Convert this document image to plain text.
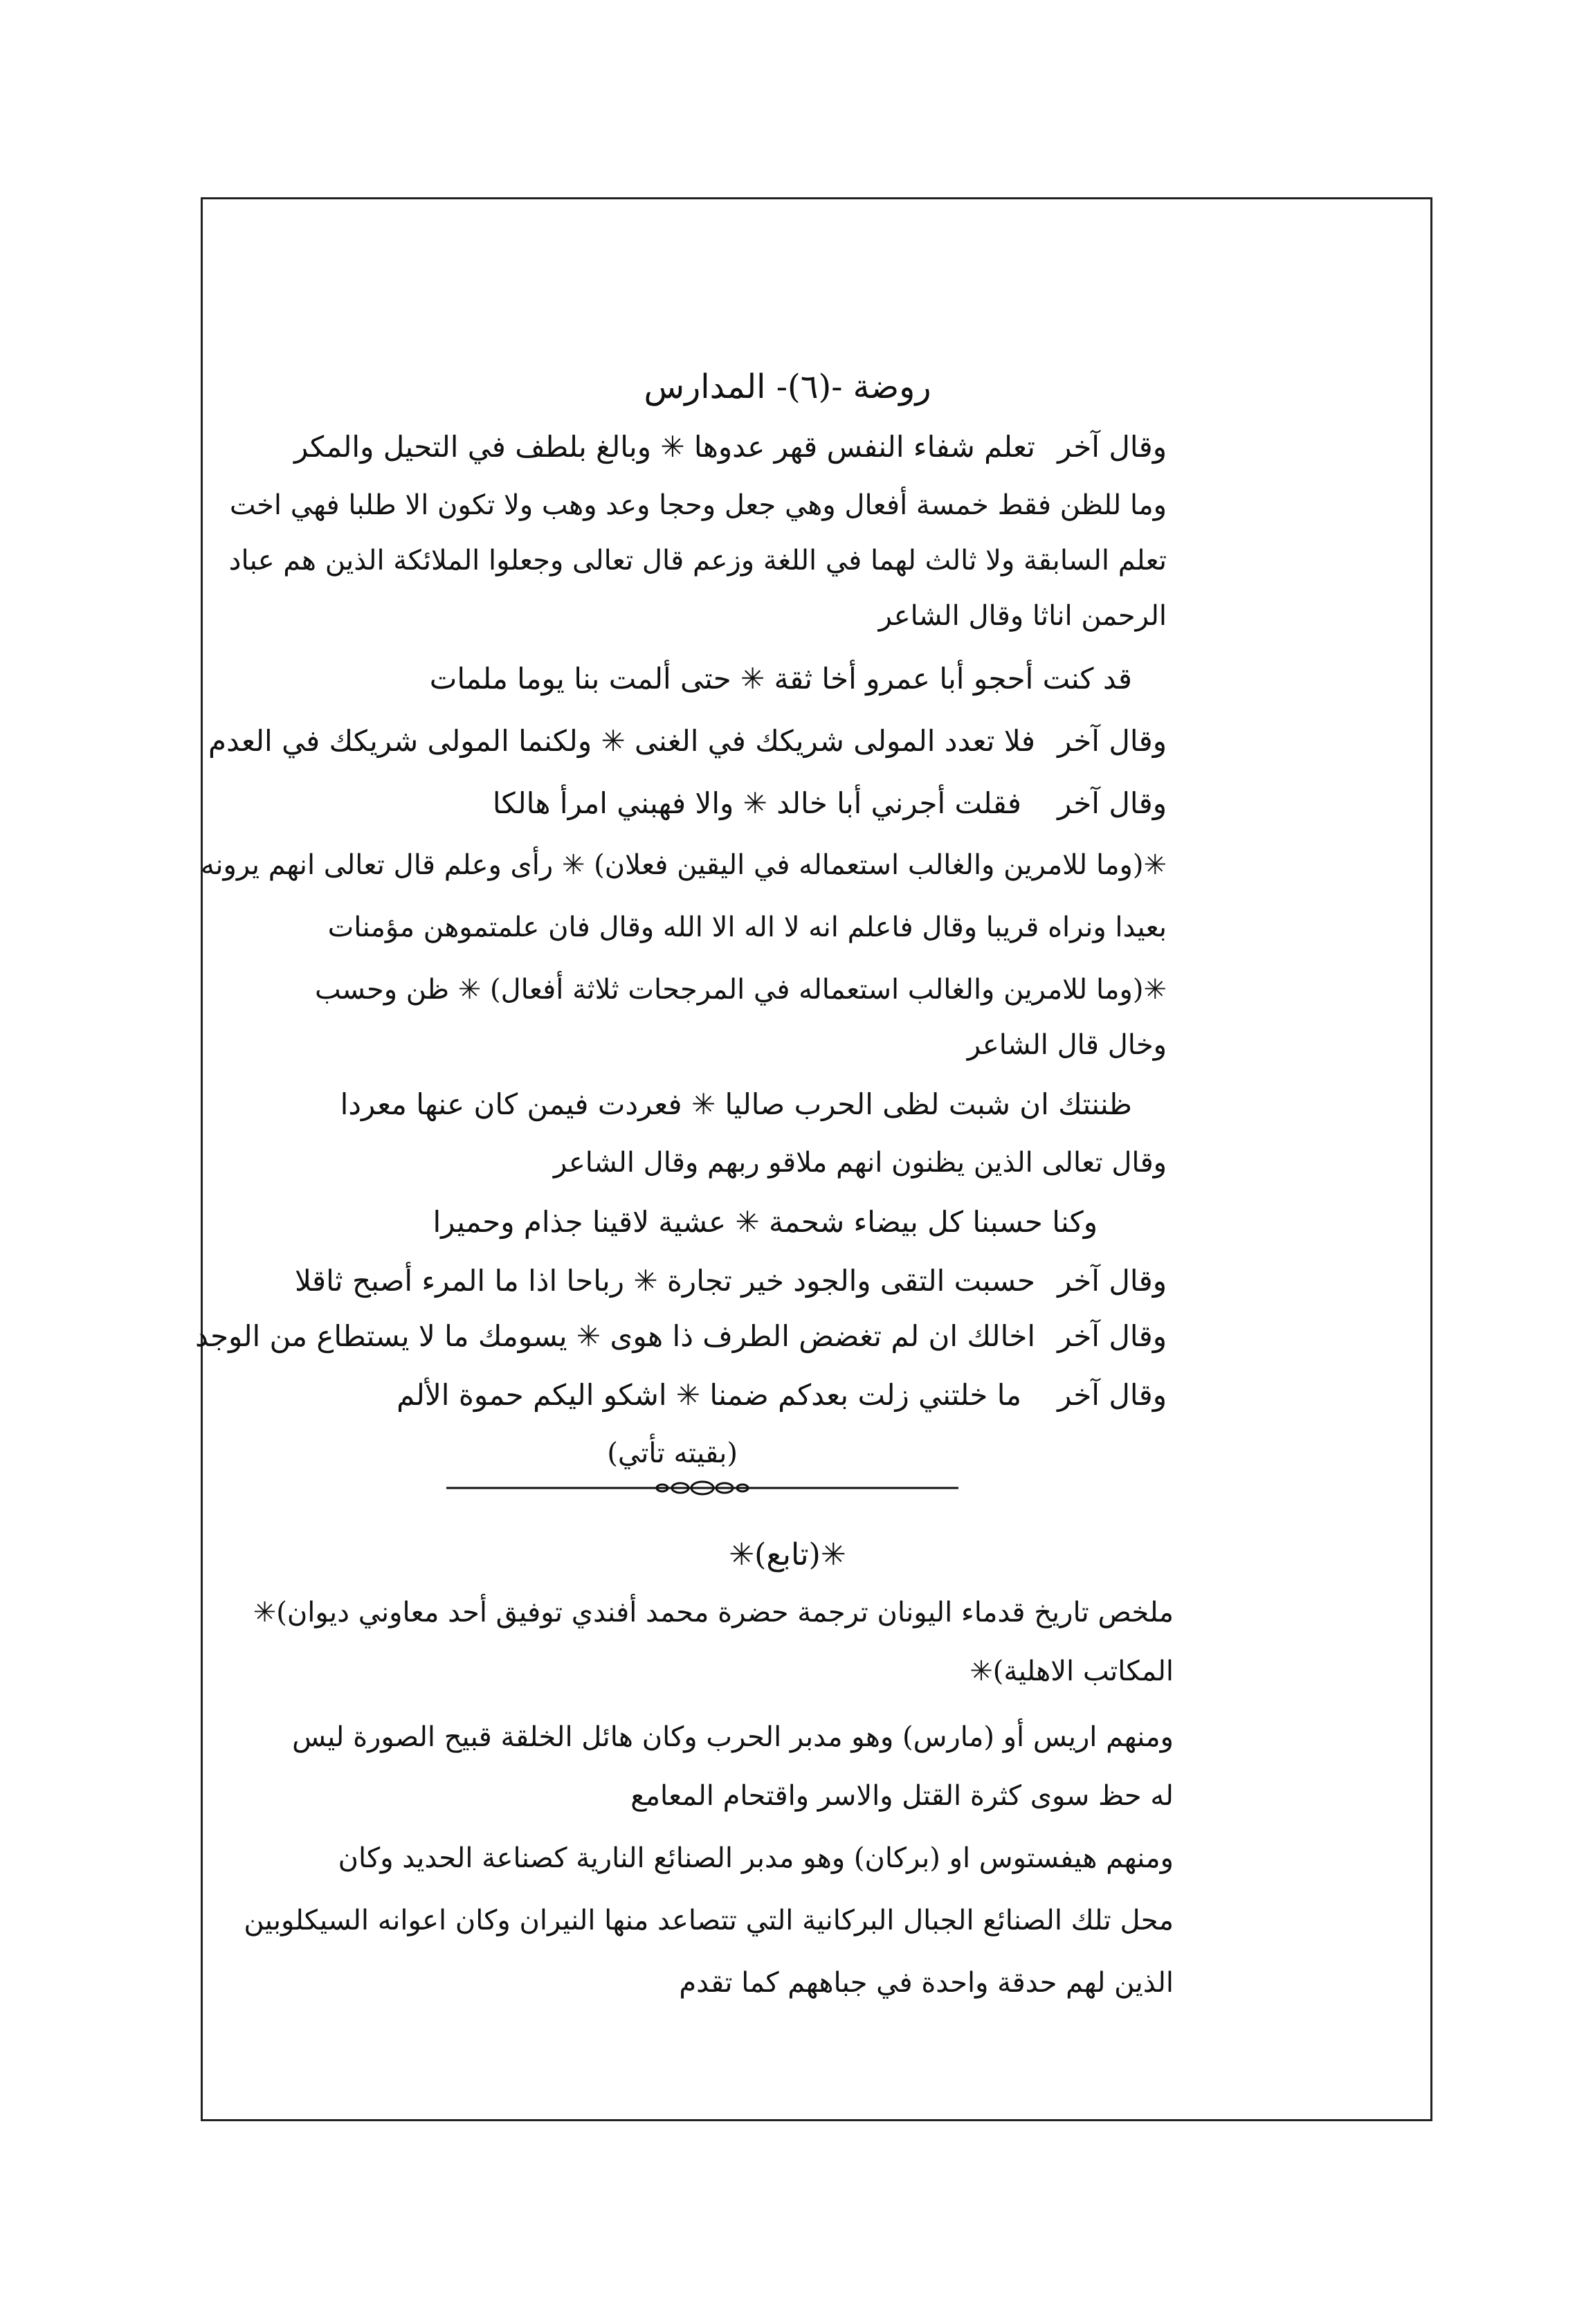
روضة -(٦)- المدارس
وقال آخر
تعلم شفاء النفس قهر عدوها ✳ وبالغ بلطف في التحيل والمكر
وما للظن فقط خمسة أفعال وهي جعل وحجا وعد وهب ولا تكون الا طلبا فهي اخت
تعلم السابقة ولا ثالث لهما في اللغة وزعم قال تعالى وجعلوا الملائكة الذين هم عباد
الرحمن اناثا وقال الشاعر
قد كنت أحجو أبا عمرو أخا ثقة ✳ حتى ألمت بنا يوما ملمات
وقال آخر
فلا تعدد المولى شريكك في الغنى ✳ ولكنما المولى شريكك في العدم
وقال آخر
فقلت أجرني أبا خالد ✳ والا فهبني امرأ هالكا
✳(وما للامرين والغالب استعماله في اليقين فعلان) ✳ رأى وعلم قال تعالى انهم يرونه
بعيدا ونراه قريبا وقال فاعلم انه لا اله الا الله وقال فان علمتموهن مؤمنات
✳(وما للامرين والغالب استعماله في المرجحات ثلاثة أفعال) ✳ ظن وحسب
وخال قال الشاعر
ظننتك ان شبت لظى الحرب صاليا ✳ فعردت فيمن كان عنها معردا
وقال تعالى الذين يظنون انهم ملاقو ربهم وقال الشاعر
وكنا حسبنا كل بيضاء شحمة ✳ عشية لاقينا جذام وحميرا
وقال آخر
حسبت التقى والجود خير تجارة ✳ رباحا اذا ما المرء أصبح ثاقلا
وقال آخر
اخالك ان لم تغضض الطرف ذا هوى ✳ يسومك ما لا يستطاع من الوجد
وقال آخر
ما خلتني زلت بعدكم ضمنا ✳ اشكو اليكم حموة الألم
(بقيته تأتي)
✳(تابع)✳
ملخص تاريخ قدماء اليونان ترجمة حضرة محمد أفندي توفيق أحد معاوني ديوان)✳
المكاتب الاهلية)✳
ومنهم اريس أو (مارس) وهو مدبر الحرب وكان هائل الخلقة قبيح الصورة ليس
له حظ سوى كثرة القتل والاسر واقتحام المعامع
ومنهم هيفستوس او (بركان) وهو مدبر الصنائع النارية كصناعة الحديد وكان
محل تلك الصنائع الجبال البركانية التي تتصاعد منها النيران وكان اعوانه السيكلوبين
الذين لهم حدقة واحدة في جباههم كما تقدم
